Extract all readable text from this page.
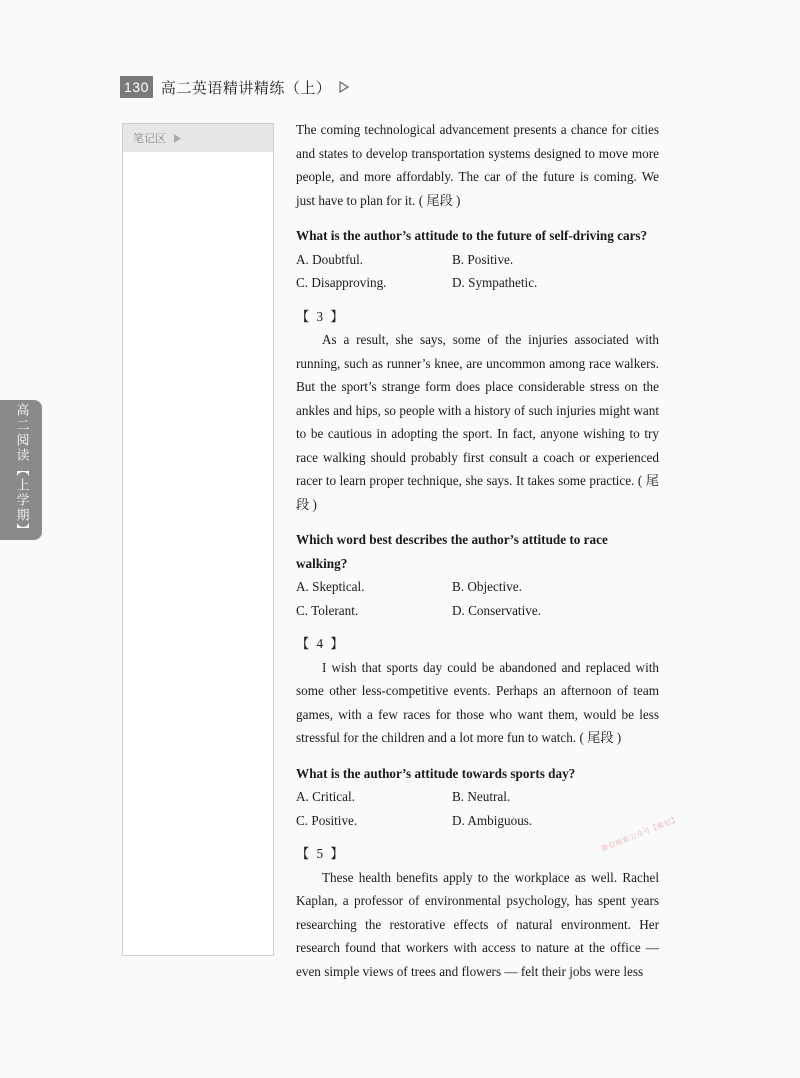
130 高二英语精讲精练（上）
笔记区
高二阅读【上学期】

The coming technological advancement presents a chance for cities and states to develop transportation systems designed to move more people, and more affordably. The car of the future is coming. We just have to plan for it. ( 尾段 )

What is the author’s attitude to the future of self-driving cars?

A. Doubtful.	B. Positive.
C. Disapproving.	D. Sympathetic.

【 3 】

As a result, she says, some of the injuries associated with running, such as runner’s knee, are uncommon among race walkers. But the sport’s strange form does place considerable stress on the ankles and hips, so people with a history of such injuries might want to be cautious in adopting the sport. In fact, anyone wishing to try race walking should probably first consult a coach or experienced racer to learn proper technique, she says. It takes some practice. ( 尾段 )

Which word best describes the author’s attitude to race walking?

A. Skeptical.	B. Objective.
C. Tolerant.	D. Conservative.

【 4 】

I wish that sports day could be abandoned and replaced with some other less-competitive events. Perhaps an afternoon of team games, with a few races for those who want them, would be less stressful for the children and a lot more fun to watch. ( 尾段 )

What is the author’s attitude towards sports day?

A. Critical.	B. Neutral.
C. Positive.	D. Ambiguous.

【 5 】

These health benefits apply to the workplace as well. Rachel Kaplan, a professor of environmental psychology, has spent years researching the restorative effects of natural environment. Her research found that workers with access to nature at the office — even simple views of trees and flowers — felt their jobs were less

微信搜索公众号【偷拍】
